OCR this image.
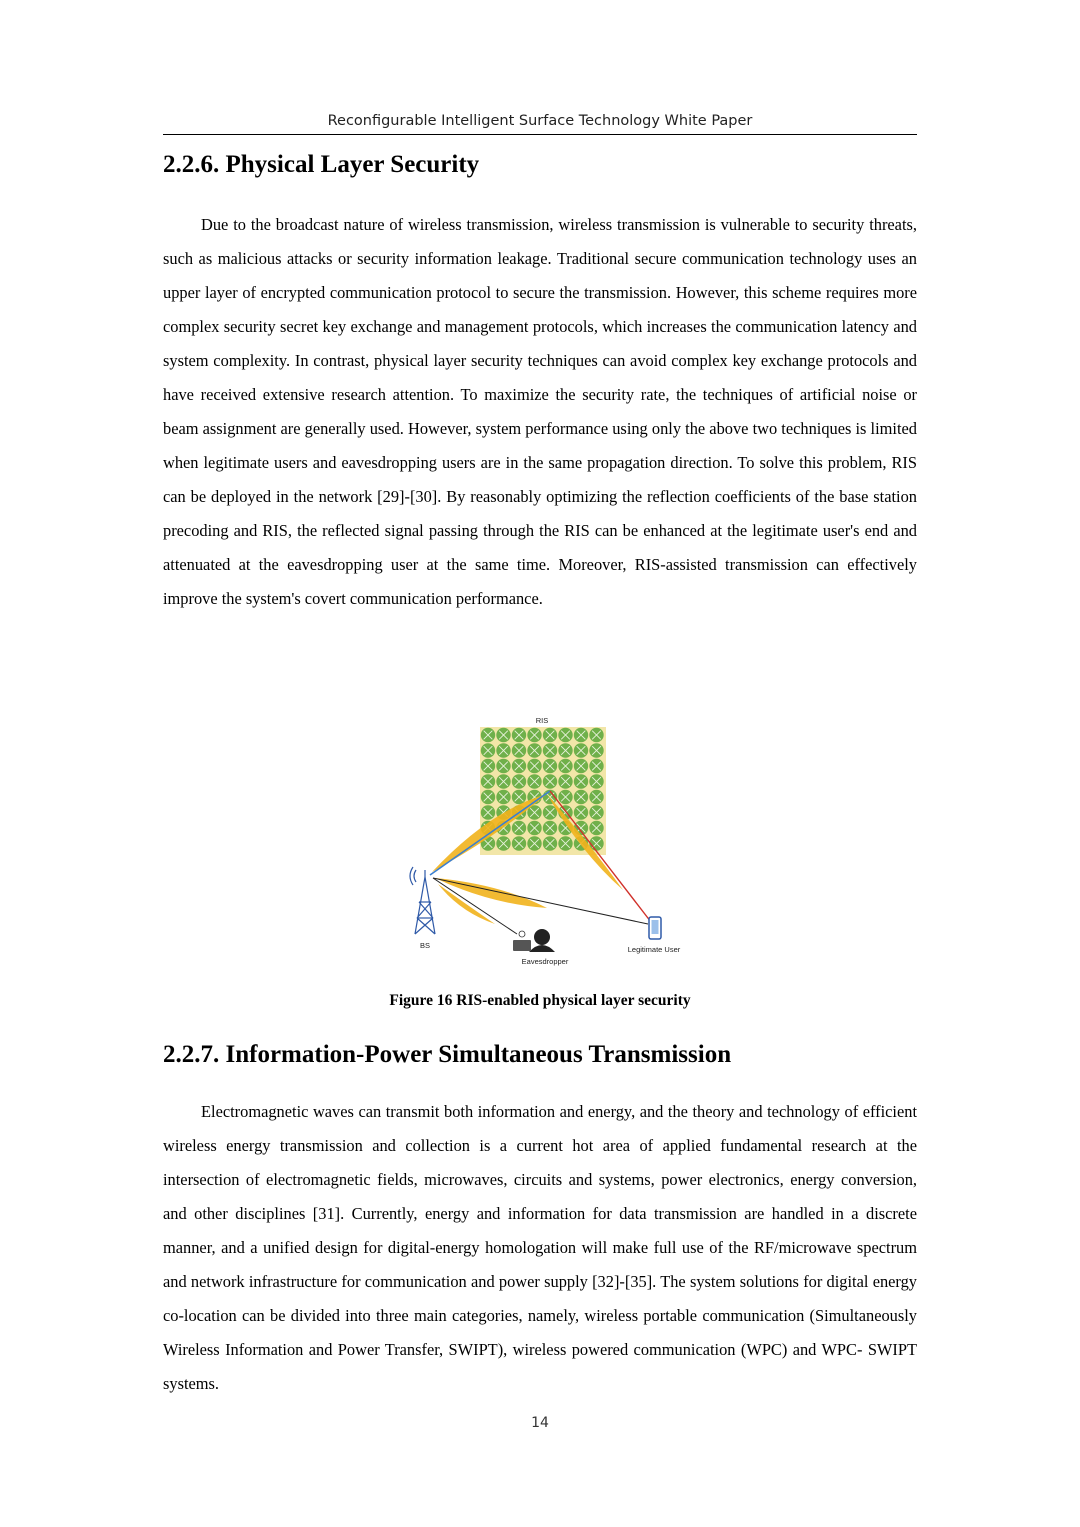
Reconfigurable Intelligent Surface Technology White Paper
2.2.6. Physical Layer Security

Due to the broadcast nature of wireless transmission, wireless transmission is vulnerable to security threats, such as malicious attacks or security information leakage. Traditional secure communication technology uses an upper layer of encrypted communication protocol to secure the transmission. However, this scheme requires more complex security secret key exchange and management protocols, which increases the communication latency and system complexity. In contrast, physical layer security techniques can avoid complex key exchange protocols and have received extensive research attention. To maximize the security rate, the techniques of artificial noise or beam assignment are generally used. However, system performance using only the above two techniques is limited when legitimate users and eavesdropping users are in the same propagation direction. To solve this problem, RIS can be deployed in the network [29]-[30]. By reasonably optimizing the reflection coefficients of the base station precoding and RIS, the reflected signal passing through the RIS can be enhanced at the legitimate user's end and attenuated at the eavesdropping user at the same time. Moreover, RIS-assisted transmission can effectively improve the system's covert communication performance.

RIS
BS
Eavesdropper
Legitimate User
Figure 16 RIS-enabled physical layer security
2.2.7. Information-Power Simultaneous Transmission

Electromagnetic waves can transmit both information and energy, and the theory and technology of efficient wireless energy transmission and collection is a current hot area of applied fundamental research at the intersection of electromagnetic fields, microwaves, circuits and systems, power electronics, energy conversion, and other disciplines [31]. Currently, energy and information for data transmission are handled in a discrete manner, and a unified design for digital-energy homologation will make full use of the RF/microwave spectrum and network infrastructure for communication and power supply [32]-[35]. The system solutions for digital energy co-location can be divided into three main categories, namely, wireless portable communication (Simultaneously Wireless Information and Power Transfer, SWIPT), wireless powered communication (WPC) and WPC- SWIPT systems.

14
